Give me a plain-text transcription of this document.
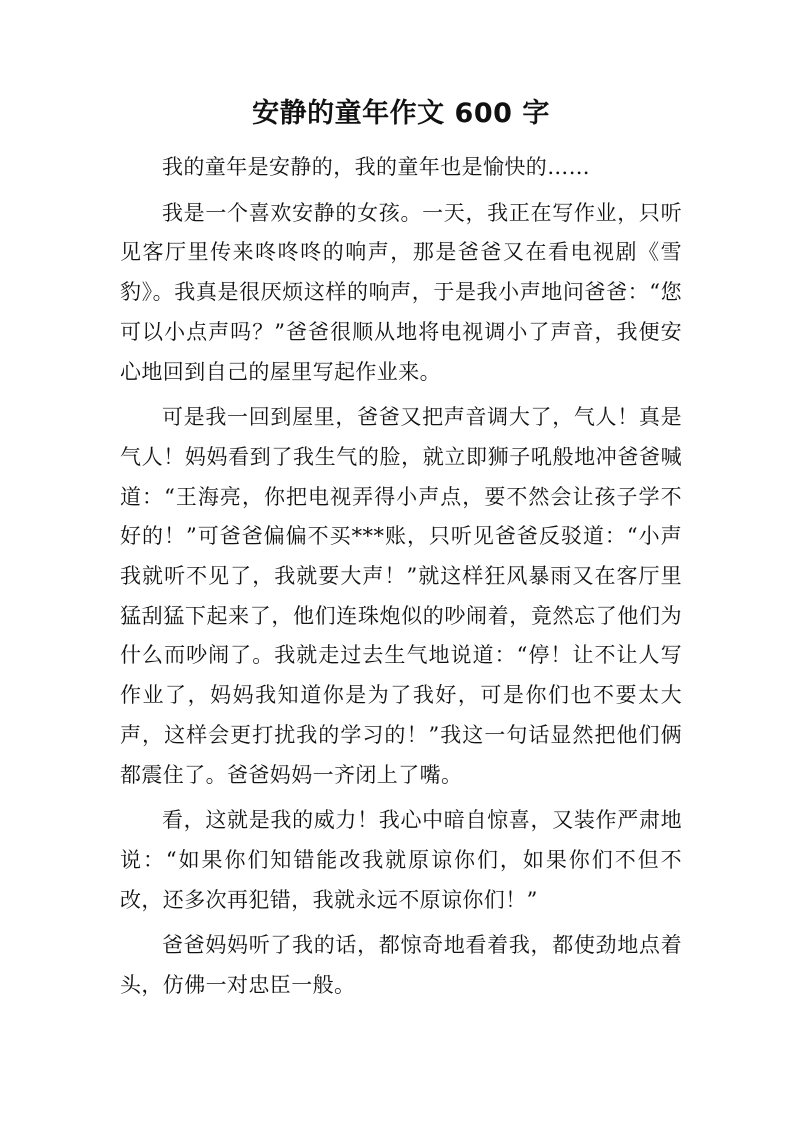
安静的童年作文 600 字

我的童年是安静的，我的童年也是愉快的……

我是一个喜欢安静的女孩。一天，我正在写作业，只听见客厅里传来咚咚咚的响声，那是爸爸又在看电视剧《雪豹》。我真是很厌烦这样的响声，于是我小声地问爸爸：“您可以小点声吗？”爸爸很顺从地将电视调小了声音，我便安心地回到自己的屋里写起作业来。

可是我一回到屋里，爸爸又把声音调大了，气人！真是气人！妈妈看到了我生气的脸，就立即狮子吼般地冲爸爸喊道：“王海亮，你把电视弄得小声点，要不然会让孩子学不好的！”可爸爸偏偏不买***账，只听见爸爸反驳道：“小声我就听不见了，我就要大声！”就这样狂风暴雨又在客厅里猛刮猛下起来了，他们连珠炮似的吵闹着，竟然忘了他们为什么而吵闹了。我就走过去生气地说道：“停！让不让人写作业了，妈妈我知道你是为了我好，可是你们也不要太大声，这样会更打扰我的学习的！”我这一句话显然把他们俩都震住了。爸爸妈妈一齐闭上了嘴。

看，这就是我的威力！我心中暗自惊喜，又装作严肃地说：“如果你们知错能改我就原谅你们，如果你们不但不改，还多次再犯错，我就永远不原谅你们！”

爸爸妈妈听了我的话，都惊奇地看着我，都使劲地点着头，仿佛一对忠臣一般。
